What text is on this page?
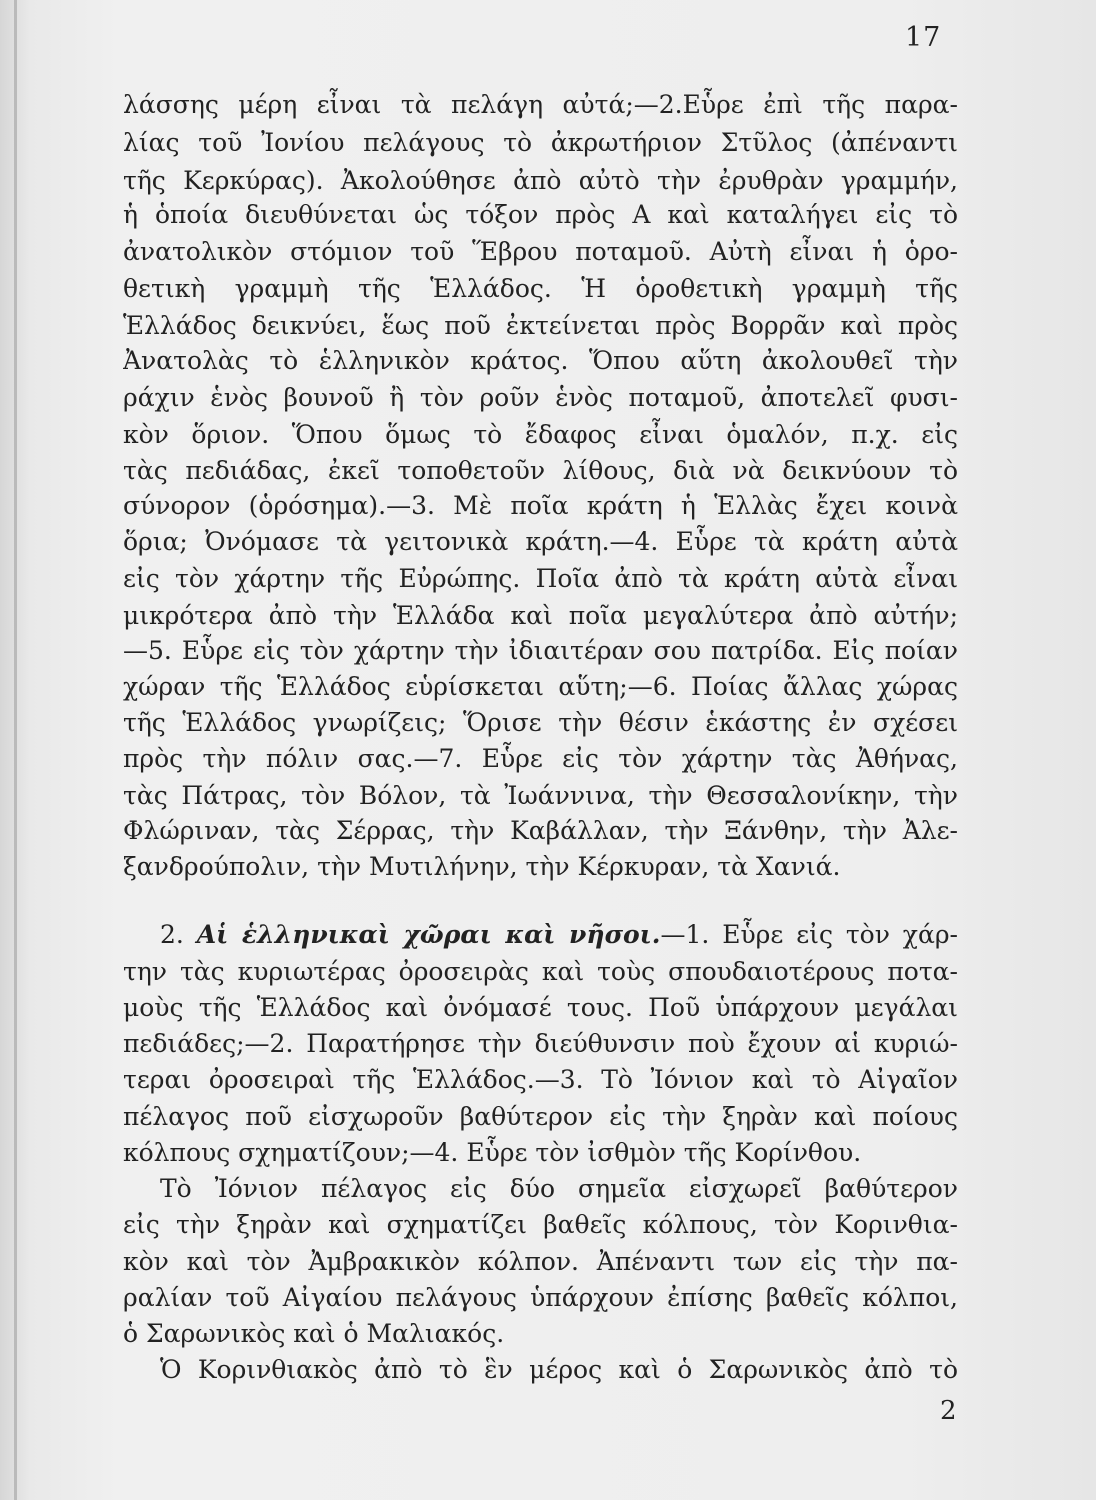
17
λάσσης μέρη εἶναι τὰ πελάγη αὐτά;—2.Εὗρε ἐπὶ τῆς παρα-
λίας τοῦ Ἰονίου πελάγους τὸ ἀκρωτήριον Στῦλος (ἀπέναντι
τῆς Κερκύρας). Ἀκολούθησε ἀπὸ αὐτὸ τὴν ἐρυθρὰν γραμμήν,
ἡ ὁποία διευθύνεται ὡς τόξον πρὸς Α καὶ καταλήγει εἰς τὸ
ἀνατολικὸν στόμιον τοῦ Ἕβρου ποταμοῦ. Αὐτὴ εἶναι ἡ ὁρο-
θετικὴ γραμμὴ τῆς Ἑλλάδος. Ἡ ὁροθετικὴ γραμμὴ τῆς
Ἑλλάδος δεικνύει, ἕως ποῦ ἐκτείνεται πρὸς Βορρᾶν καὶ πρὸς
Ἀνατολὰς τὸ ἑλληνικὸν κράτος. Ὅπου αὕτη ἀκολουθεῖ τὴν
ράχιν ἑνὸς βουνοῦ ἢ τὸν ροῦν ἑνὸς ποταμοῦ, ἀποτελεῖ φυσι-
κὸν ὅριον. Ὅπου ὅμως τὸ ἔδαφος εἶναι ὁμαλόν, π.χ. εἰς
τὰς πεδιάδας, ἐκεῖ τοποθετοῦν λίθους, διὰ νὰ δεικνύουν τὸ
σύνορον (ὁρόσημα).—3. Μὲ ποῖα κράτη ἡ Ἑλλὰς ἔχει κοινὰ
ὅρια; Ὀνόμασε τὰ γειτονικὰ κράτη.—4. Εὗρε τὰ κράτη αὐτὰ
εἰς τὸν χάρτην τῆς Εὐρώπης. Ποῖα ἀπὸ τὰ κράτη αὐτὰ εἶναι
μικρότερα ἀπὸ τὴν Ἑλλάδα καὶ ποῖα μεγαλύτερα ἀπὸ αὐτήν;
—5. Εὗρε εἰς τὸν χάρτην τὴν ἰδιαιτέραν σου πατρίδα. Εἰς ποίαν
χώραν τῆς Ἑλλάδος εὑρίσκεται αὕτη;—6. Ποίας ἄλλας χώρας
τῆς Ἑλλάδος γνωρίζεις; Ὅρισε τὴν θέσιν ἑκάστης ἐν σχέσει
πρὸς τὴν πόλιν σας.—7. Εὗρε εἰς τὸν χάρτην τὰς Ἀθήνας,
τὰς Πάτρας, τὸν Βόλον, τὰ Ἰωάννινα, τὴν Θεσσαλονίκην, τὴν
Φλώριναν, τὰς Σέρρας, τὴν Καβάλλαν, τὴν Ξάνθην, τὴν Ἀλε-
ξανδρούπολιν, τὴν Μυτιλήνην, τὴν Κέρκυραν, τὰ Χανιά.
2. Αἱ ἑλληνικαὶ χῶραι καὶ νῆσοι.—1. Εὗρε εἰς τὸν χάρ-
την τὰς κυριωτέρας ὀροσειρὰς καὶ τοὺς σπουδαιοτέρους ποτα-
μοὺς τῆς Ἑλλάδος καὶ ὀνόμασέ τους. Ποῦ ὑπάρχουν μεγάλαι
πεδιάδες;—2. Παρατήρησε τὴν διεύθυνσιν ποὺ ἔχουν αἱ κυριώ-
τεραι ὀροσειραὶ τῆς Ἑλλάδος.—3. Τὸ Ἰόνιον καὶ τὸ Αἰγαῖον
πέλαγος ποῦ εἰσχωροῦν βαθύτερον εἰς τὴν ξηρὰν καὶ ποίους
κόλπους σχηματίζουν;—4. Εὗρε τὸν ἰσθμὸν τῆς Κορίνθου.
Τὸ Ἰόνιον πέλαγος εἰς δύο σημεῖα εἰσχωρεῖ βαθύτερον
εἰς τὴν ξηρὰν καὶ σχηματίζει βαθεῖς κόλπους, τὸν Κορινθια-
κὸν καὶ τὸν Ἀμβρακικὸν κόλπον. Ἀπέναντι των εἰς τὴν πα-
ραλίαν τοῦ Αἰγαίου πελάγους ὑπάρχουν ἐπίσης βαθεῖς κόλποι,
ὁ Σαρωνικὸς καὶ ὁ Μαλιακός.
Ὁ Κορινθιακὸς ἀπὸ τὸ ἓν μέρος καὶ ὁ Σαρωνικὸς ἀπὸ τὸ
2
